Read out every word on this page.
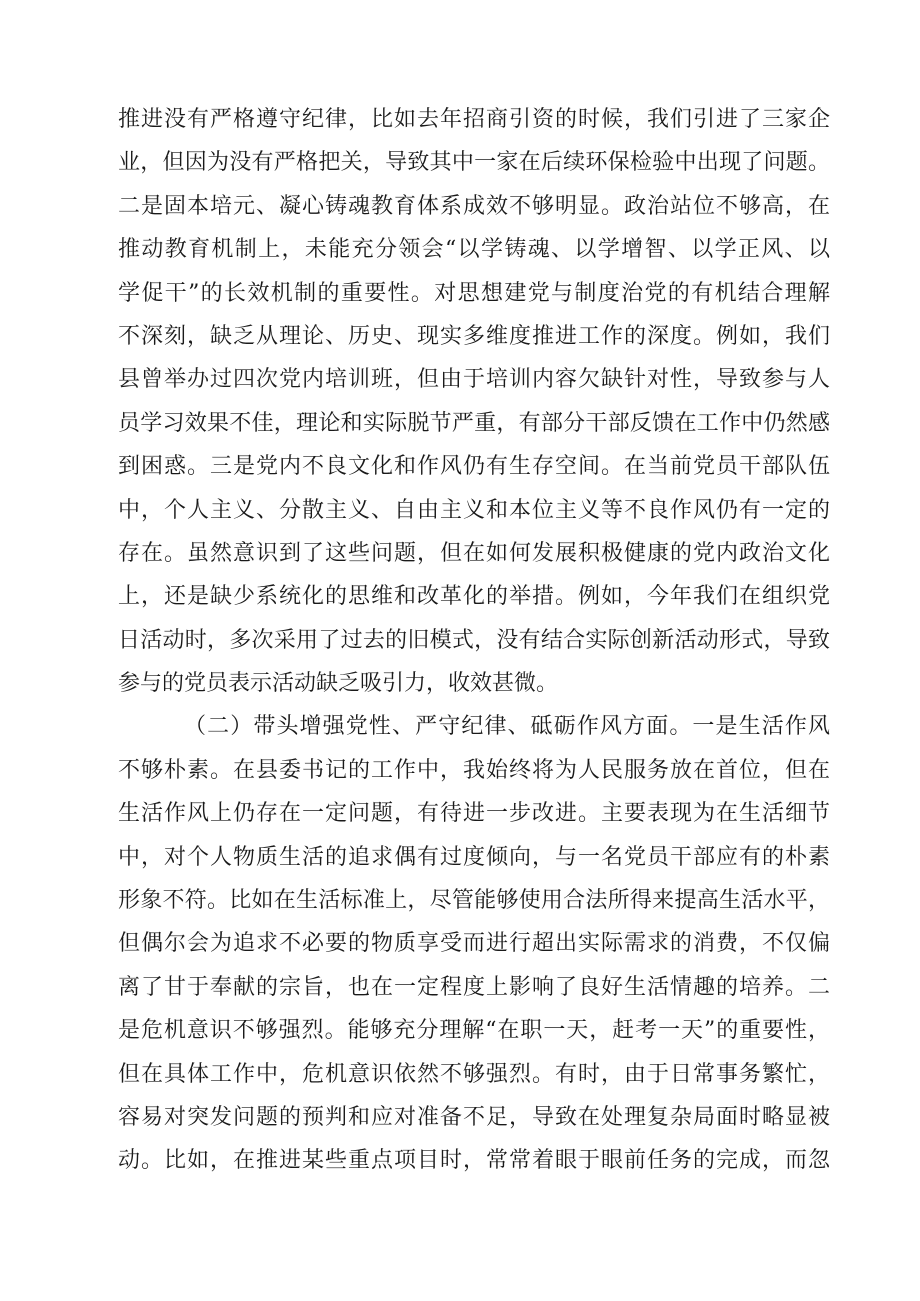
推进没有严格遵守纪律，比如去年招商引资的时候，我们引进了三家企
业，但因为没有严格把关，导致其中一家在后续环保检验中出现了问题。
二是固本培元、凝心铸魂教育体系成效不够明显。政治站位不够高，在
推动教育机制上，未能充分领会“以学铸魂、以学增智、以学正风、以
学促干”的长效机制的重要性。对思想建党与制度治党的有机结合理解
不深刻，缺乏从理论、历史、现实多维度推进工作的深度。例如，我们
县曾举办过四次党内培训班，但由于培训内容欠缺针对性，导致参与人
员学习效果不佳，理论和实际脱节严重，有部分干部反馈在工作中仍然感
到困惑。三是党内不良文化和作风仍有生存空间。在当前党员干部队伍
中，个人主义、分散主义、自由主义和本位主义等不良作风仍有一定的
存在。虽然意识到了这些问题，但在如何发展积极健康的党内政治文化
上，还是缺少系统化的思维和改革化的举措。例如，今年我们在组织党
日活动时，多次采用了过去的旧模式，没有结合实际创新活动形式，导致
参与的党员表示活动缺乏吸引力，收效甚微。
（二）带头增强党性、严守纪律、砥砺作风方面。一是生活作风
不够朴素。在县委书记的工作中，我始终将为人民服务放在首位，但在
生活作风上仍存在一定问题，有待进一步改进。主要表现为在生活细节
中，对个人物质生活的追求偶有过度倾向，与一名党员干部应有的朴素
形象不符。比如在生活标准上，尽管能够使用合法所得来提高生活水平，
但偶尔会为追求不必要的物质享受而进行超出实际需求的消费，不仅偏
离了甘于奉献的宗旨，也在一定程度上影响了良好生活情趣的培养。二
是危机意识不够强烈。能够充分理解“在职一天，赶考一天”的重要性，
但在具体工作中，危机意识依然不够强烈。有时，由于日常事务繁忙，
容易对突发问题的预判和应对准备不足，导致在处理复杂局面时略显被
动。比如，在推进某些重点项目时，常常着眼于眼前任务的完成，而忽
